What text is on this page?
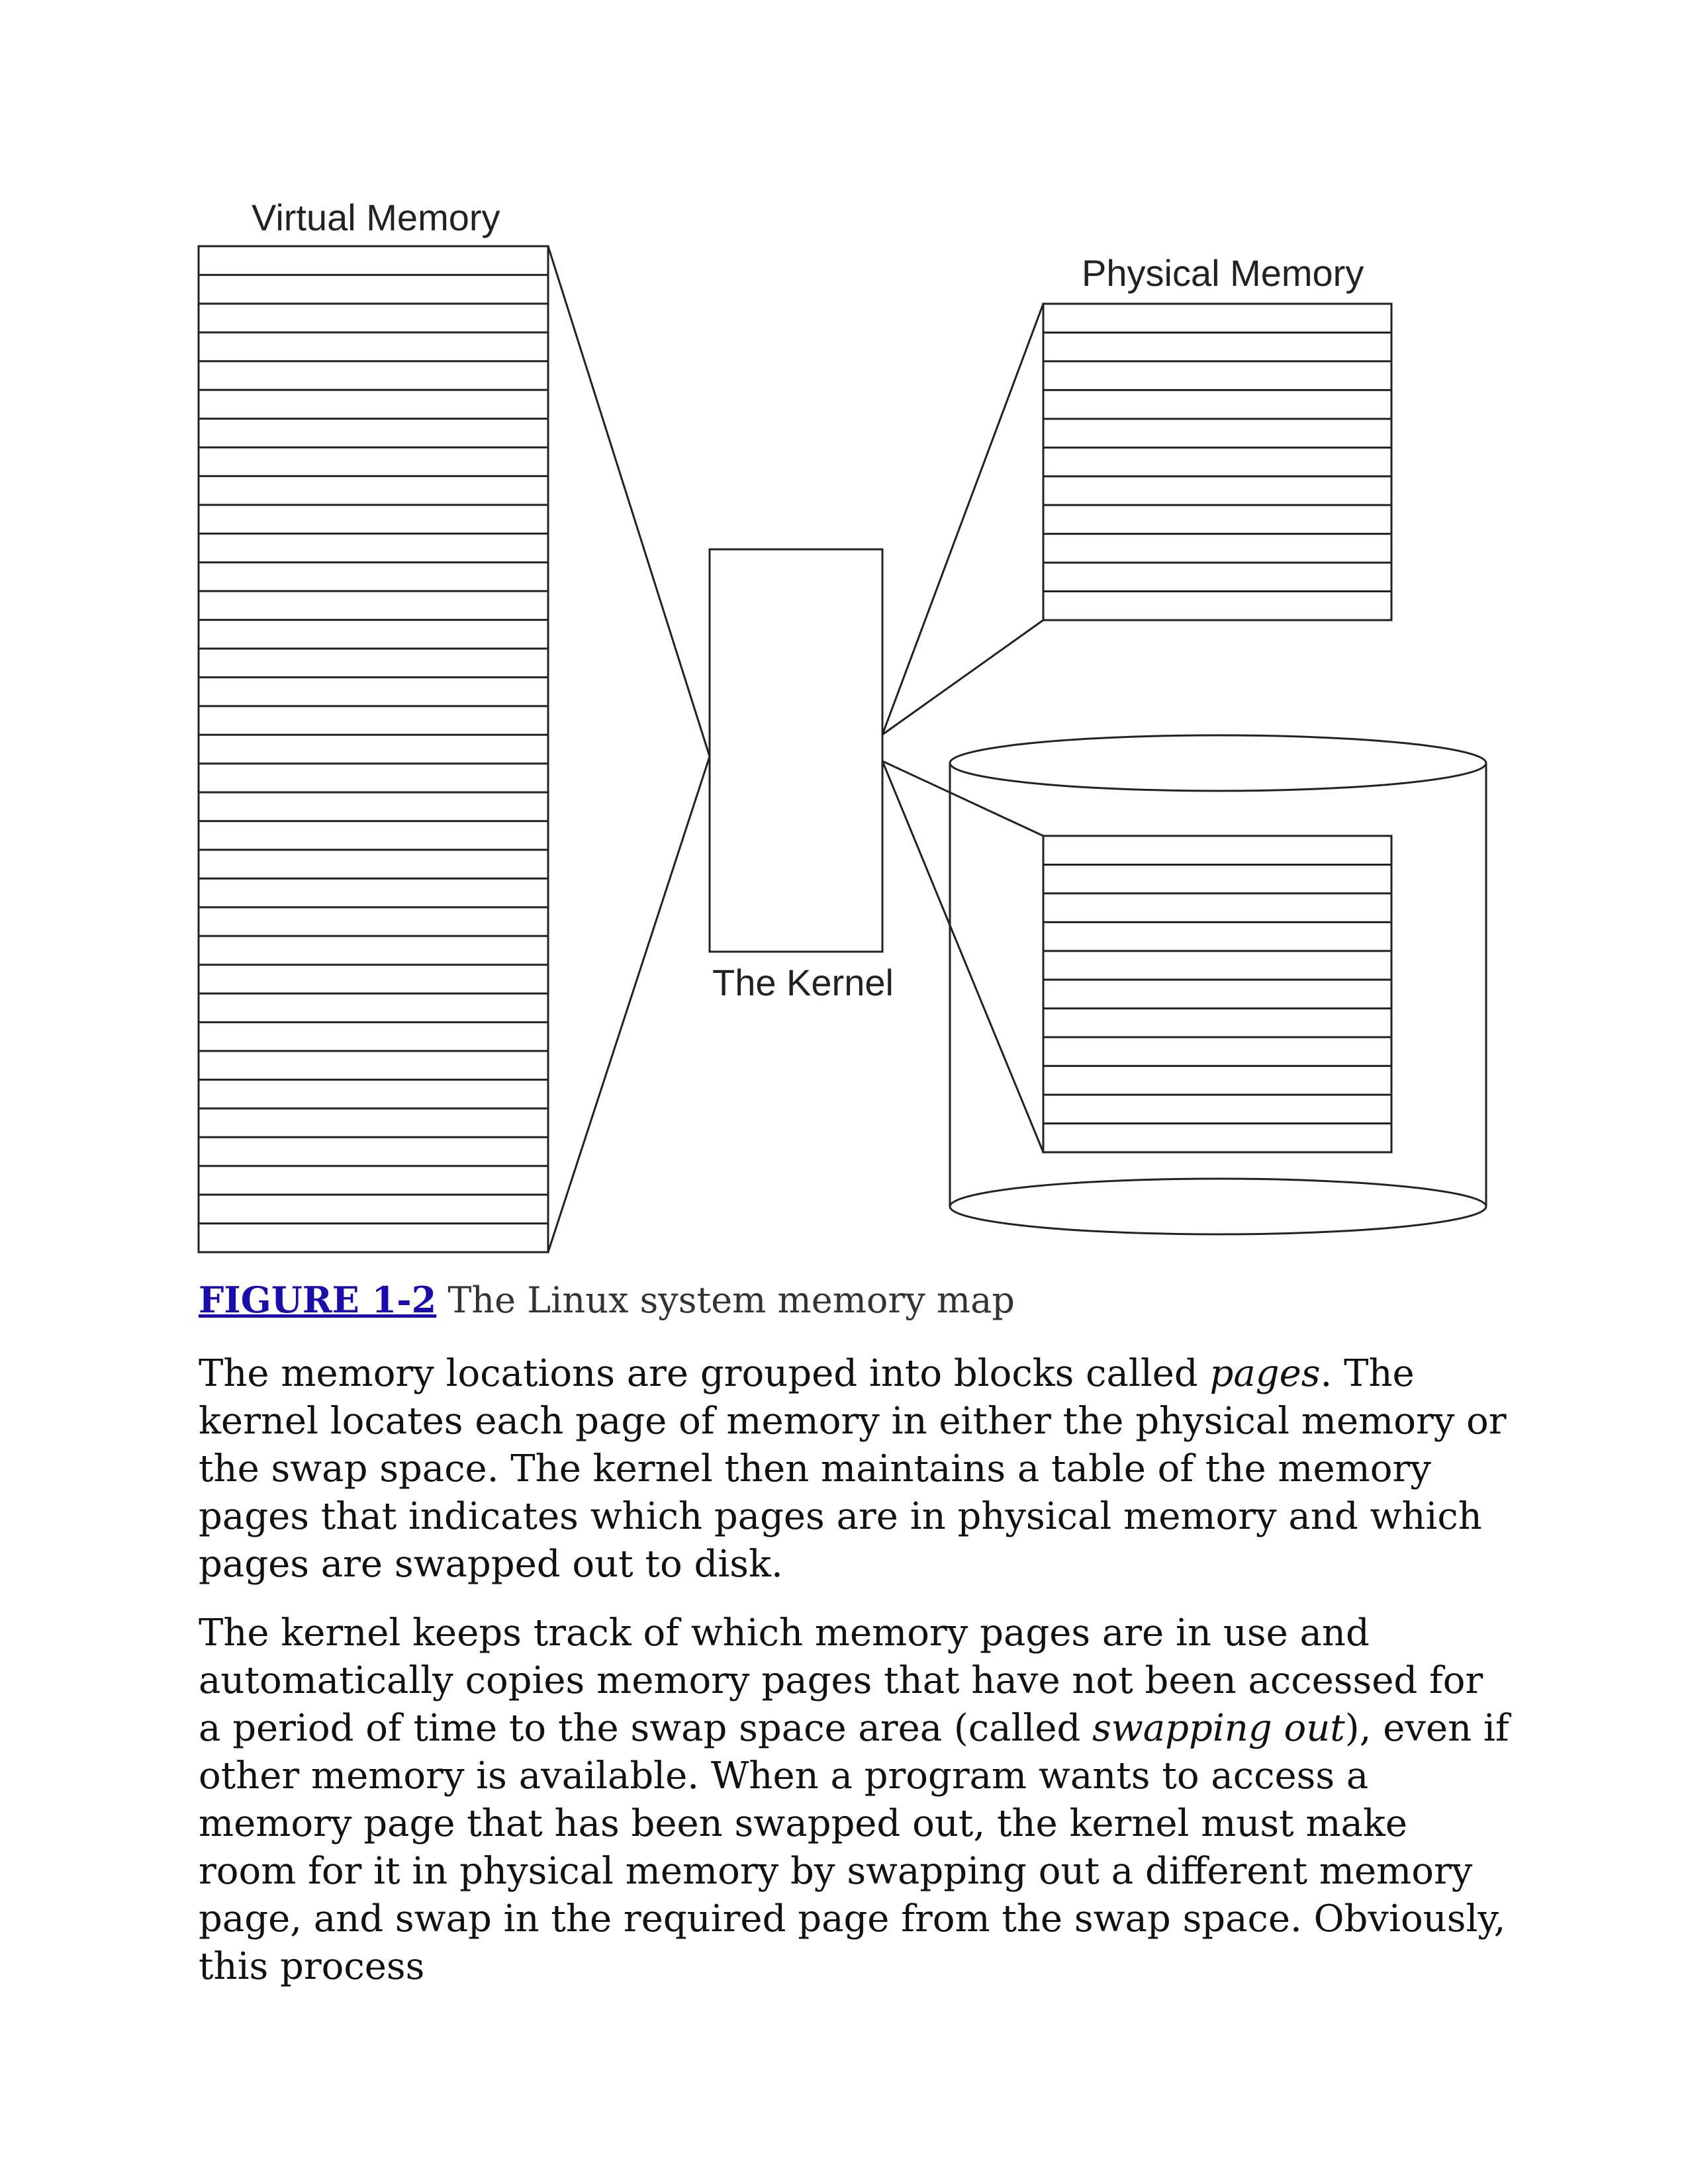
Virtual Memory
The Kernel
Physical Memory
FIGURE 1-2 The Linux system memory map

The memory locations are grouped into blocks called pages. The kernel locates each page of memory in either the physical memory or the swap space. The kernel then maintains a table of the memory pages that indicates which pages are in physical memory and which pages are swapped out to disk.

The kernel keeps track of which memory pages are in use and automatically copies memory pages that have not been accessed for a period of time to the swap space area (called swapping out), even if other memory is available. When a program wants to access a memory page that has been swapped out, the kernel must make room for it in physical memory by swapping out a different memory page, and swap in the required page from the swap space. Obviously, this process
